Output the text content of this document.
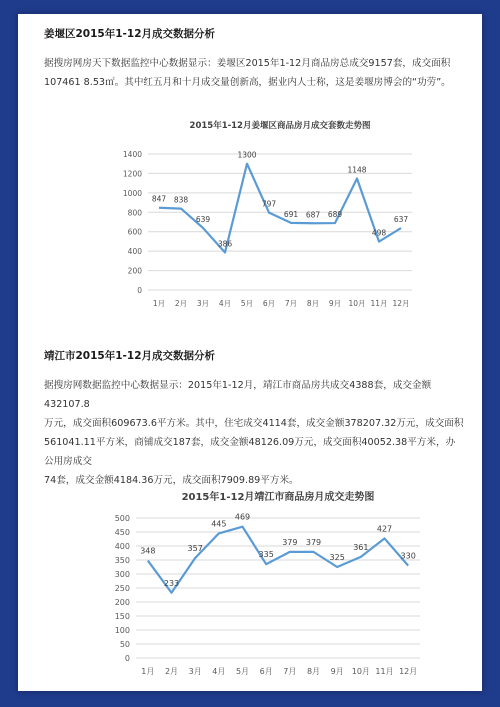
姜堰区2015年1-12月成交数据分析
据搜房网房天下数据监控中心数据显示：姜堰区2015年1-12月商品房总成交9157套，成交面积
107461 8.53㎡。其中红五月和十月成交量创新高，据业内人士称，这是姜堰房博会的“功劳”。
2015年1-12月姜堰区商品房月成交套数走势图
0
200
400
600
800
1000
1200
1400
1月 2月 3月 4月 5月 6月 7月 8月 9月 10月 11月 12月
847 838
639
386
1300
797
691 687 689
1148
498
637
靖江市2015年1-12月成交数据分析
据搜房网数据监控中心数据显示：2015年1-12月，靖江市商品房共成交4388套，成交金额432107.8
万元，成交面积609673.6平方米。其中，住宅成交4114套，成交金额378207.32万元，成交面积
561041.11平方米，商铺成交187套，成交金额48126.09万元，成交面积40052.38平方米，办公用房成交
74套，成交金额4184.36万元，成交面积7909.89平方米。
2015年1-12月靖江市商品房月成交走势图
0
50
100
150
200
250
300
350
400
450
500
1月 2月 3月 4月 5月 6月 7月 8月 9月 10月 11月 12月
348
233
357
445
469
335
379 379
325
361
427
330
